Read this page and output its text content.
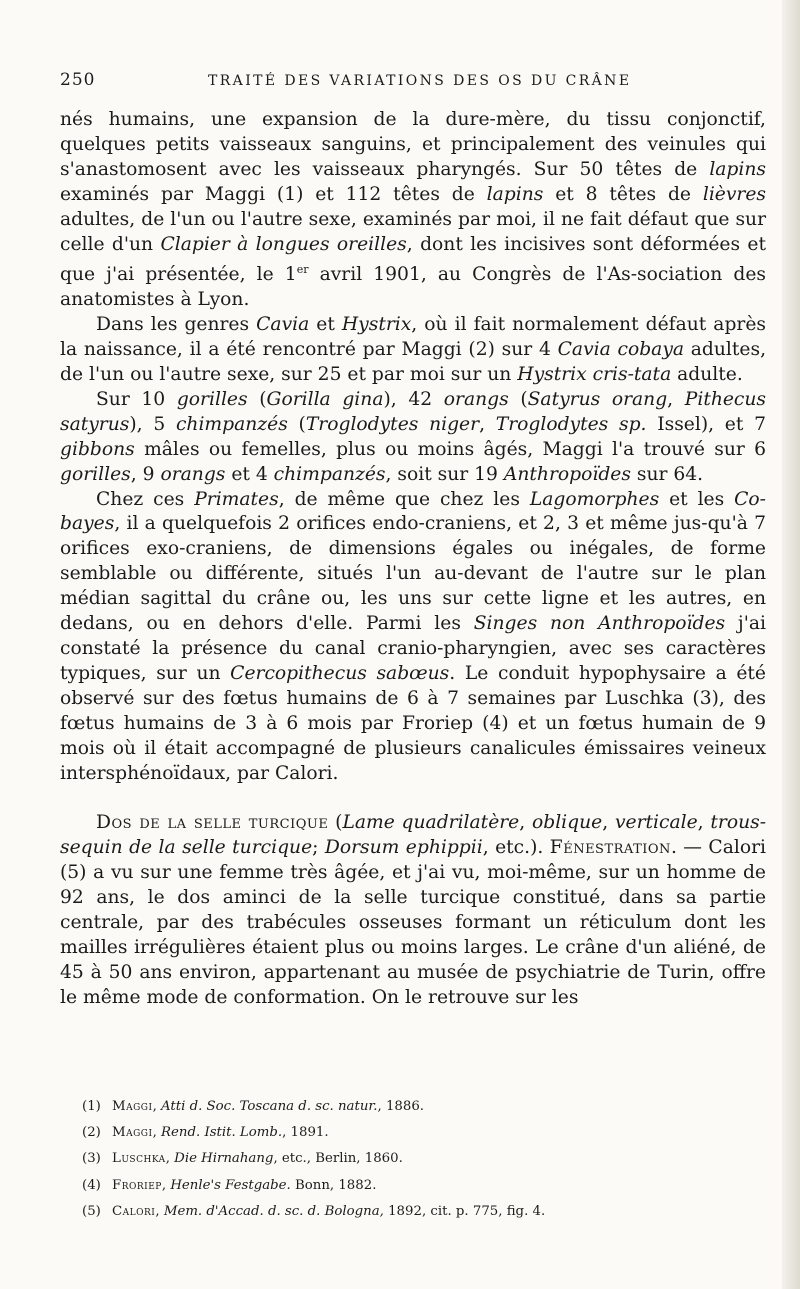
250	TRAITÉ DES VARIATIONS DES OS DU CRÂNE

nés humains, une expansion de la dure-mère, du tissu conjonctif, quelques petits vaisseaux sanguins, et principalement des veinules qui s'anastomosent avec les vaisseaux pharyngés. Sur 50 têtes de lapins examinés par Maggi (1) et 112 têtes de lapins et 8 têtes de lièvres adultes, de l'un ou l'autre sexe, examinés par moi, il ne fait défaut que sur celle d'un Clapier à longues oreilles, dont les incisives sont déformées et que j'ai présentée, le 1er avril 1901, au Congrès de l'As-sociation des anatomistes à Lyon.

Dans les genres Cavia et Hystrix, où il fait normalement défaut après la naissance, il a été rencontré par Maggi (2) sur 4 Cavia cobaya adultes, de l'un ou l'autre sexe, sur 25 et par moi sur un Hystrix cris-tata adulte.

Sur 10 gorilles (Gorilla gina), 42 orangs (Satyrus orang, Pithecus satyrus), 5 chimpanzés (Troglodytes niger, Troglodytes sp. Issel), et 7 gibbons mâles ou femelles, plus ou moins âgés, Maggi l'a trouvé sur 6 gorilles, 9 orangs et 4 chimpanzés, soit sur 19 Anthropoïdes sur 64.

Chez ces Primates, de même que chez les Lagomorphes et les Co-bayes, il a quelquefois 2 orifices endo-craniens, et 2, 3 et même jus-qu'à 7 orifices exo-craniens, de dimensions égales ou inégales, de forme semblable ou différente, situés l'un au-devant de l'autre sur le plan médian sagittal du crâne ou, les uns sur cette ligne et les autres, en dedans, ou en dehors d'elle. Parmi les Singes non Anthropoïdes j'ai constaté la présence du canal cranio-pharyngien, avec ses caractères typiques, sur un Cercopithecus sabœus. Le conduit hypophysaire a été observé sur des fœtus humains de 6 à 7 semaines par Luschka (3), des fœtus humains de 3 à 6 mois par Froriep (4) et un fœtus humain de 9 mois où il était accompagné de plusieurs canalicules émissaires veineux intersphénoïdaux, par Calori.

Dos de la selle turcique (Lame quadrilatère, oblique, verticale, trous-sequin de la selle turcique; Dorsum ephippii, etc.). Fénestration. — Calori (5) a vu sur une femme très âgée, et j'ai vu, moi-même, sur un homme de 92 ans, le dos aminci de la selle turcique constitué, dans sa partie centrale, par des trabécules osseuses formant un réticulum dont les mailles irrégulières étaient plus ou moins larges. Le crâne d'un aliéné, de 45 à 50 ans environ, appartenant au musée de psychiatrie de Turin, offre le même mode de conformation. On le retrouve sur les

(1) Maggi, Atti d. Soc. Toscana d. sc. natur., 1886.
(2) Maggi, Rend. Istit. Lomb., 1891.
(3) Luschka, Die Hirnahang, etc., Berlin, 1860.
(4) Froriep, Henle's Festgabe. Bonn, 1882.
(5) Calori, Mem. d'Accad. d. sc. d. Bologna, 1892, cit. p. 775, fig. 4.
